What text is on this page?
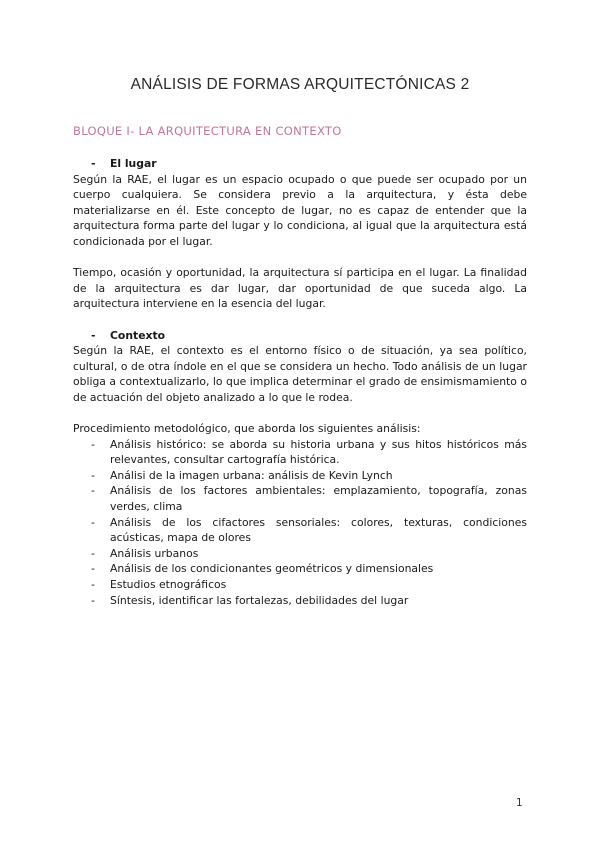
ANÁLISIS DE FORMAS ARQUITECTÓNICAS 2
BLOQUE I- LA ARQUITECTURA EN CONTEXTO
-	El lugar

Según la RAE, el lugar es un espacio ocupado o que puede ser ocupado por un cuerpo cualquiera. Se considera previo a la arquitectura, y ésta debe materializarse en él. Este concepto de lugar, no es capaz de entender que la arquitectura forma parte del lugar y lo condiciona, al igual que la arquitectura está condicionada por el lugar.

Tiempo, ocasión y oportunidad, la arquitectura sí participa en el lugar. La finalidad de la arquitectura es dar lugar, dar oportunidad de que suceda algo. La arquitectura interviene en la esencia del lugar.

-	Contexto

Según la RAE, el contexto es el entorno físico o de situación, ya sea político, cultural, o de otra índole en el que se considera un hecho. Todo análisis de un lugar obliga a contextualizarlo, lo que implica determinar el grado de ensimismamiento o de actuación del objeto analizado a lo que le rodea.

Procedimiento metodológico, que aborda los siguientes análisis:

-	Análisis histórico: se aborda su historia urbana y sus hitos históricos más relevantes, consultar cartografía histórica.
-	Análisi de la imagen urbana: análisis de Kevin Lynch
-	Análisis de los factores ambientales: emplazamiento, topografía, zonas verdes, clima
-	Análisis de los cifactores sensoriales: colores, texturas, condiciones acústicas, mapa de olores
-	Análisis urbanos
-	Análisis de los condicionantes geométricos y dimensionales
-	Estudios etnográficos
-	Síntesis, identificar las fortalezas, debilidades del lugar
1
